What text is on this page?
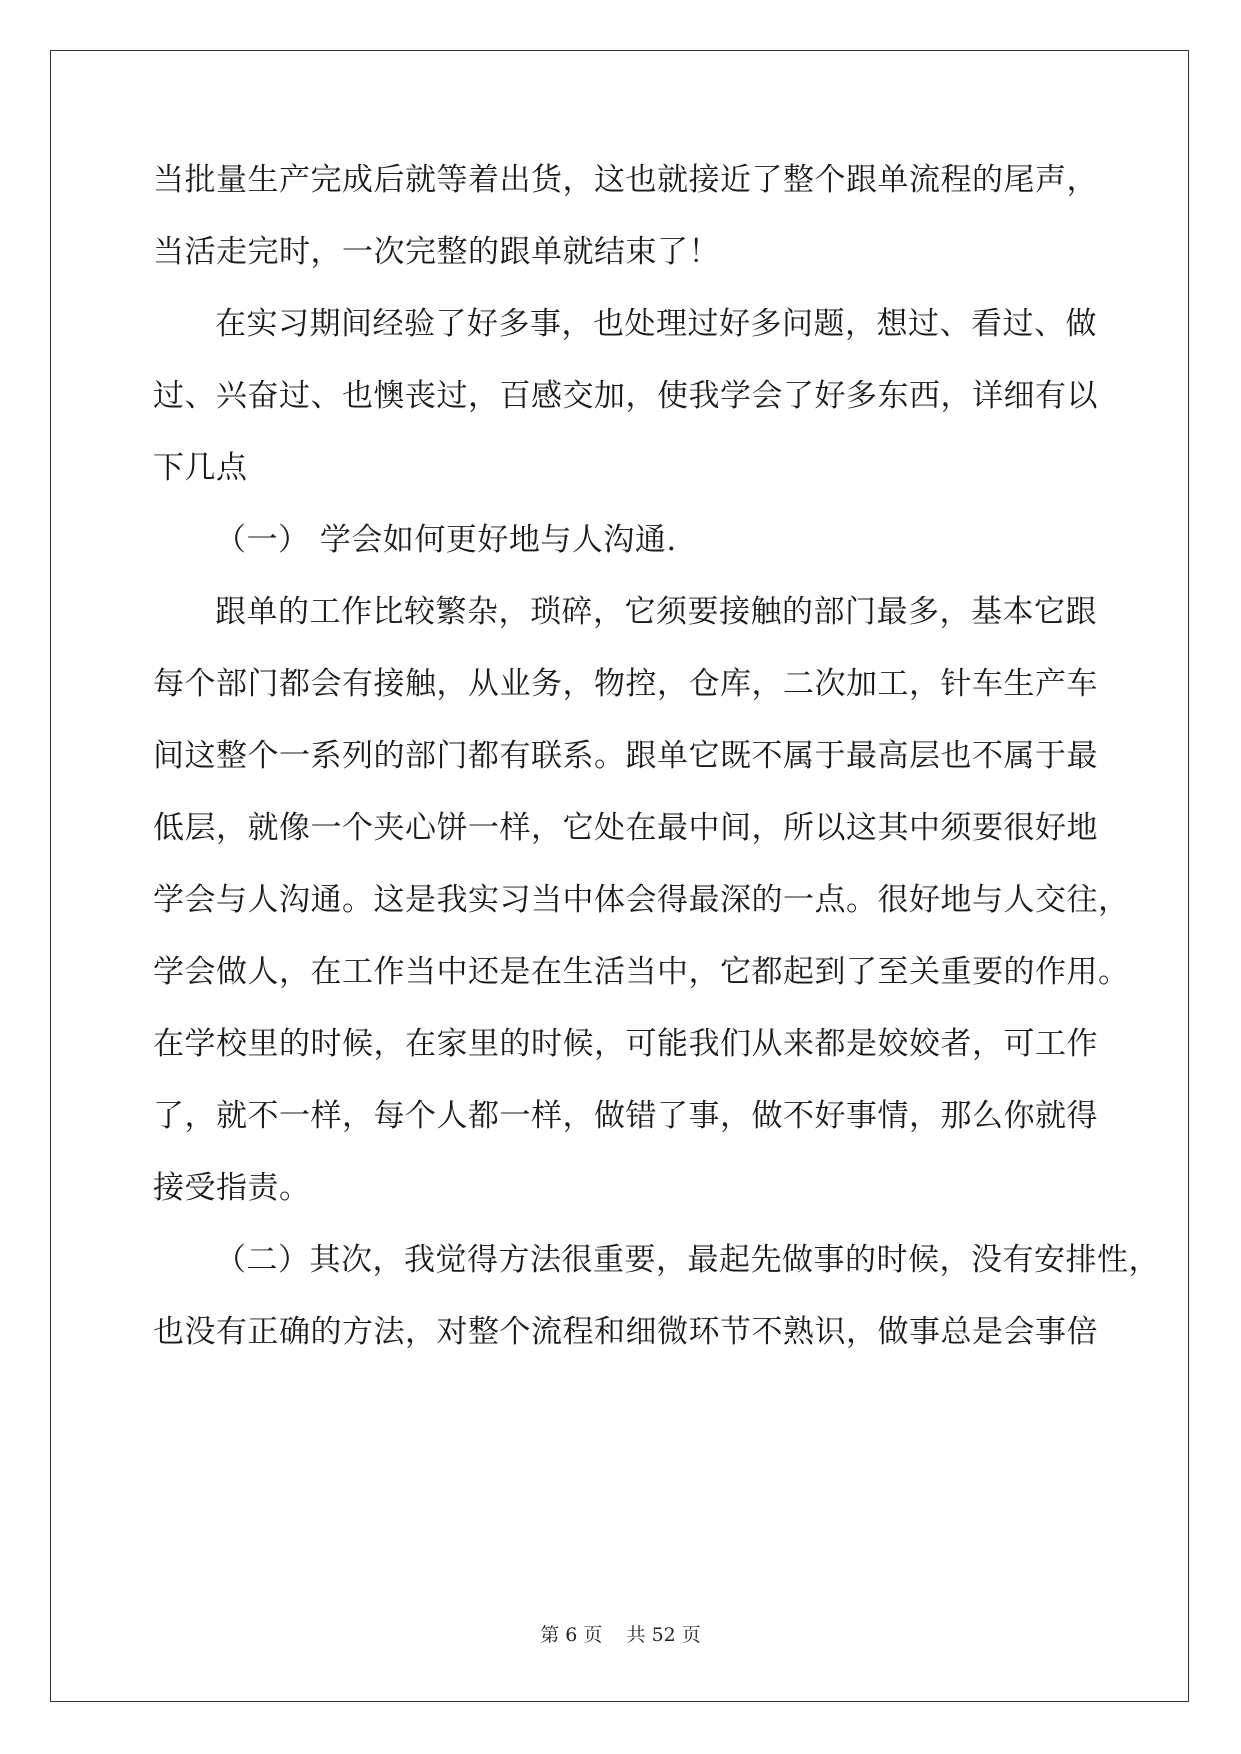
当批量生产完成后就等着出货，这也就接近了整个跟单流程的尾声，
当活走完时，一次完整的跟单就结束了！
在实习期间经验了好多事，也处理过好多问题，想过、看过、做
过、兴奋过、也懊丧过，百感交加，使我学会了好多东西，详细有以
下几点
（一） 学会如何更好地与人沟通.
跟单的工作比较繁杂，琐碎，它须要接触的部门最多，基本它跟
每个部门都会有接触，从业务，物控，仓库，二次加工，针车生产车
间这整个一系列的部门都有联系。跟单它既不属于最高层也不属于最
低层，就像一个夹心饼一样，它处在最中间，所以这其中须要很好地
学会与人沟通。这是我实习当中体会得最深的一点。很好地与人交往，
学会做人，在工作当中还是在生活当中，它都起到了至关重要的作用。
在学校里的时候，在家里的时候，可能我们从来都是姣姣者，可工作
了，就不一样，每个人都一样，做错了事，做不好事情，那么你就得
接受指责。
（二）其次，我觉得方法很重要，最起先做事的时候，没有安排性，
也没有正确的方法，对整个流程和细微环节不熟识，做事总是会事倍
第 6 页    共 52 页
